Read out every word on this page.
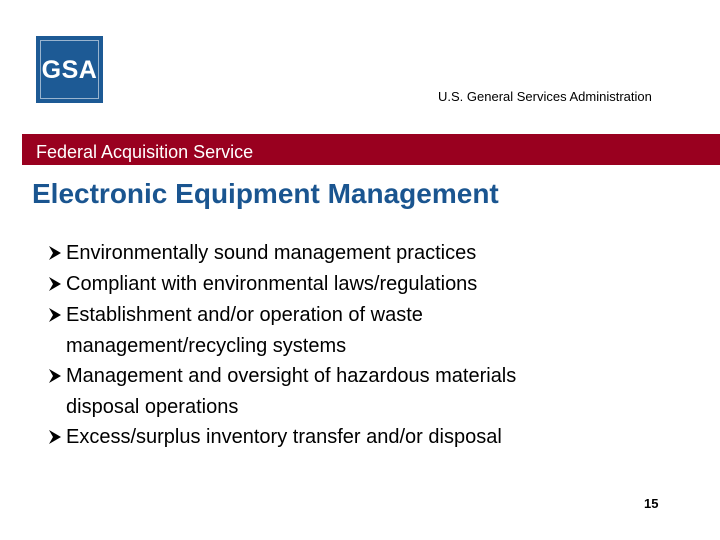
GSA
U.S. General Services Administration
Federal Acquisition Service
Electronic Equipment Management
Environmentally sound management practices
Compliant with environmental laws/regulations
Establishment and/or operation of waste
management/recycling systems
Management and oversight of hazardous materials
disposal operations
Excess/surplus inventory transfer and/or disposal
15
